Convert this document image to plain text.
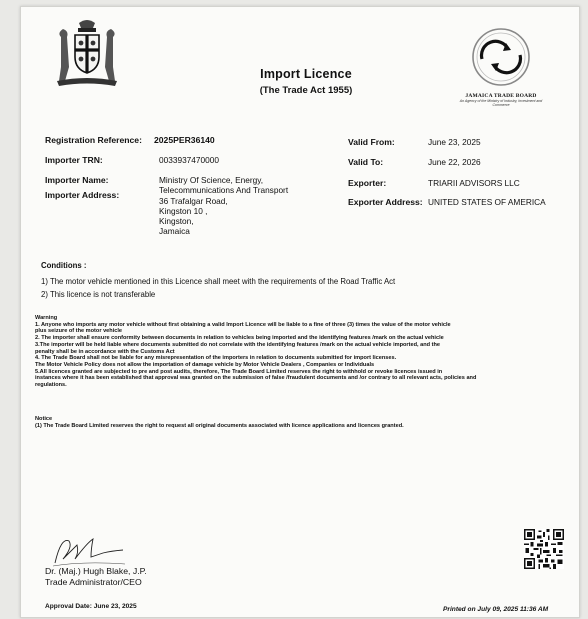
Import Licence
(The Trade Act 1955)	JAMAICA TRADE BOARD
An Agency of the Ministry of Industry, Investment and Commerce
Registration Reference: 2025PER36140
Importer TRN:	0033937470000
Importer Name:	Ministry Of Science, Energy,
Telecommunications And Transport
Importer Address:
36 Trafalgar Road,
Kingston 10 ,
Kingston,
Jamaica
Valid From:	June 23, 2025
Valid To:	June 22, 2026
Exporter:	TRIARII ADVISORS LLC
Exporter Address: UNITED STATES OF AMERICA
Conditions :
1) The motor vehicle mentioned in this Licence shall meet with the requirements of the Road Traffic Act
2) This licence is not transferable

Warning

1. Anyone who imports any motor vehicle without first obtaining a valid Import Licence will be liable to a fine of three (3) times the value of the motor vehicle

plus seizure of the motor vehicle

2. The importer shall ensure conformity between documents in relation to vehicles being imported and the identifying features /mark on the actual vehicle

3.The importer will be held liable where documents submitted do not correlate with the identifying features /mark on the actual vehicle imported, and the

penalty shall be in accordance with the Customs Act

4. The Trade Board shall not be liable for any misrepresentation of the importers in relation to documents submitted for import licenses.

The Motor Vehicle Policy does not allow the importation of damage vehicle by Motor Vehicle Dealers , Companies or Individuals

5.All licences granted are subjected to pre and post audits, therefore, The Trade Board Limited reserves the right to withhold or revoke licences issued in

instances where it has been established that approval was granted on the submission of false /fraudulent documents and /or contrary to all relevant acts, policies and

regulations.

Notice

(1) The Trade Board Limited reserves the right to request all original documents associated with licence applications and licences granted.

Dr. (Maj.) Hugh Blake, J.P.
Trade Administrator/CEO
Approval Date: June 23, 2025	Printed on July 09, 2025 11:36 AM
